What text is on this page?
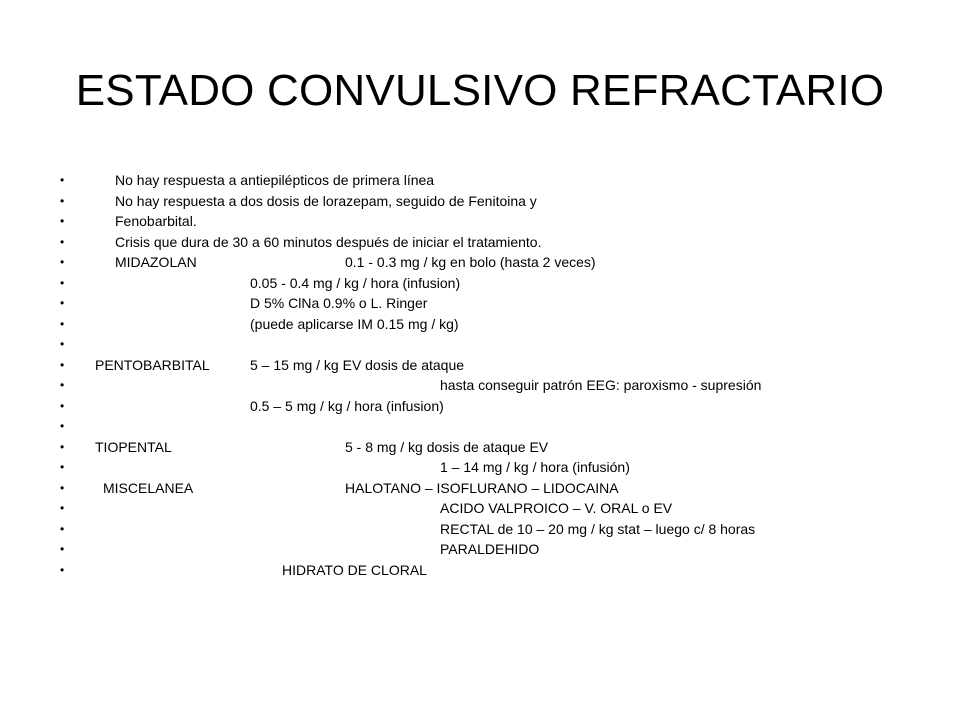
ESTADO CONVULSIVO REFRACTARIO
•	No hay respuesta a antiepilépticos de primera línea
•	No hay respuesta a dos dosis de lorazepam, seguido de Fenitoina y
•	Fenobarbital.
•	Crisis que dura de 30 a 60 minutos después de iniciar el tratamiento.
•	MIDAZOLAN	0.1 - 0.3 mg / kg en bolo (hasta 2 veces)
•	0.05 - 0.4 mg / kg / hora (infusion)
•	D 5% ClNa 0.9% o L. Ringer
•	(puede aplicarse IM 0.15 mg / kg)
•
• PENTOBARBITAL	5 – 15 mg / kg EV dosis de ataque
•	hasta conseguir patrón EEG: paroxismo - supresión
•	0.5 – 5 mg / kg / hora (infusion)
•
• TIOPENTAL	5 - 8 mg / kg dosis de ataque EV
•	1 – 14 mg / kg / hora (infusión)
•	MISCELANEA	HALOTANO – ISOFLURANO – LIDOCAINA
•	ACIDO VALPROICO – V. ORAL o EV
•	RECTAL de 10 – 20 mg / kg stat – luego c/ 8 horas
•	PARALDEHIDO
•	HIDRATO DE CLORAL
